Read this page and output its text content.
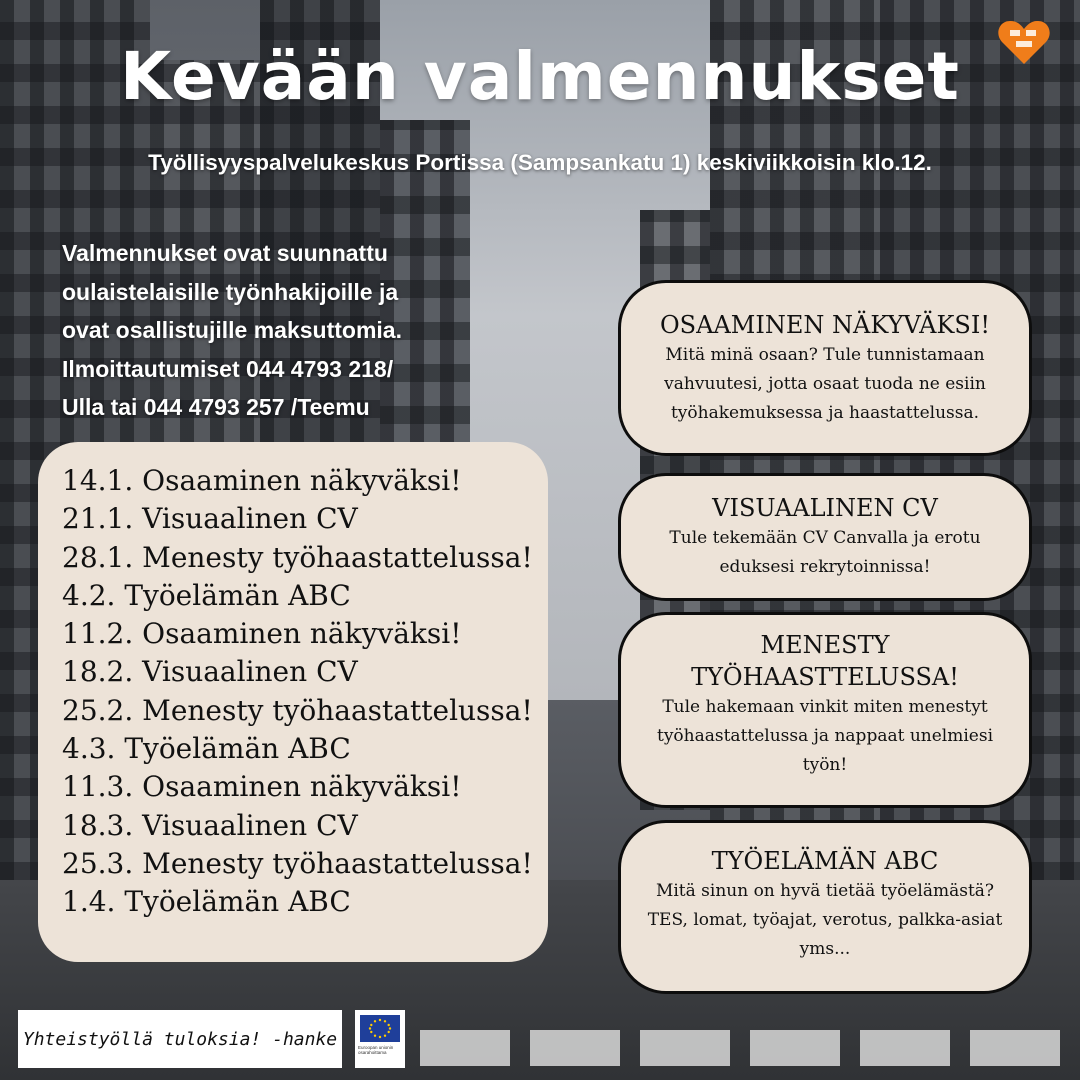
Kevään valmennukset
Työllisyyspalvelukeskus Portissa (Sampsankatu 1) keskiviikkoisin klo.12.
Valmennukset ovat suunnattu
oulaistelaisille työnhakijoille ja
ovat osallistujille maksuttomia.
Ilmoittautumiset 044 4793 218/
Ulla tai 044 4793 257 /Teemu
14.1. Osaaminen näkyväksi!
21.1. Visuaalinen CV
28.1. Menesty työhaastattelussa!
4.2. Työelämän ABC
11.2. Osaaminen näkyväksi!
18.2. Visuaalinen CV
25.2. Menesty työhaastattelussa!
4.3. Työelämän ABC
11.3. Osaaminen näkyväksi!
18.3. Visuaalinen CV
25.3. Menesty työhaastattelussa!
1.4. Työelämän ABC
OSAAMINEN NÄKYVÄKSI!
Mitä minä osaan? Tule tunnistamaan
vahvuutesi, jotta osaat tuoda ne esiin
työhakemuksessa ja haastattelussa.
VISUAALINEN CV
Tule tekemään CV Canvalla ja erotu
eduksesi rekrytoinnissa!
MENESTY
TYÖHAASTTELUSSA!
Tule hakemaan vinkit miten menestyt
työhaastattelussa ja nappaat unelmiesi
työn!
TYÖELÄMÄN ABC
Mitä sinun on hyvä tietää työelämästä?
TES, lomat, työajat, verotus, palkka-asiat
yms...
Yhteistyöllä tuloksia! -hanke	Euroopan unionin osarahoittama
